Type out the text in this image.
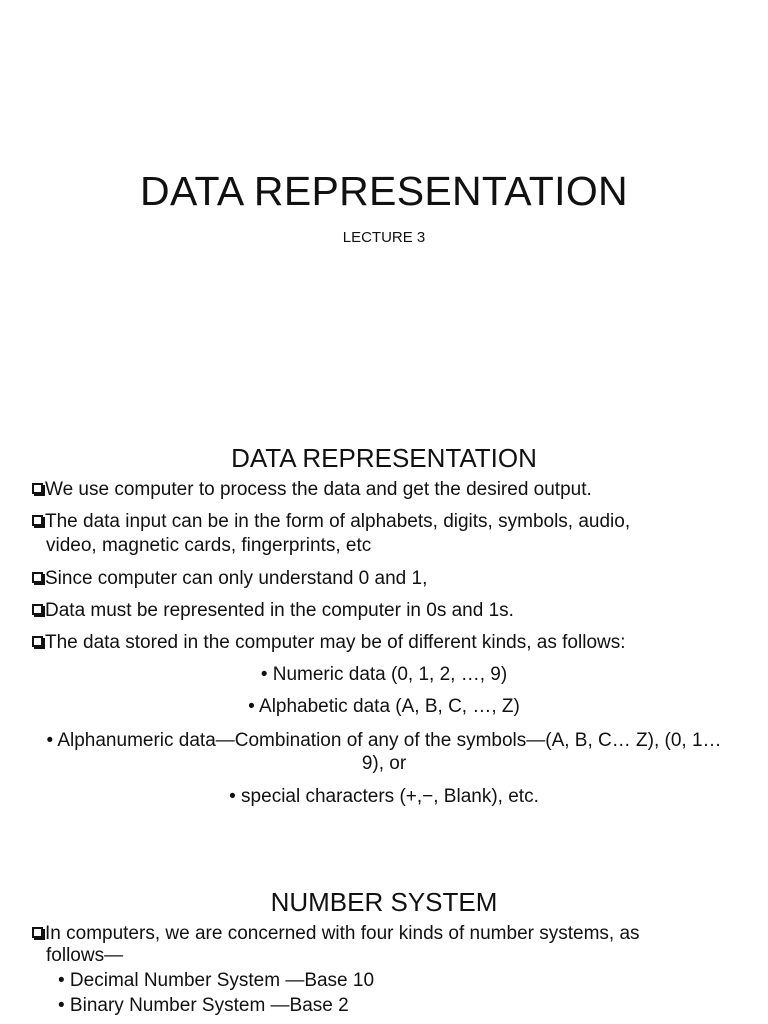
DATA REPRESENTATION
LECTURE 3
DATA REPRESENTATION
We use computer to process the data and get the desired output.
The data input can be in the form of alphabets, digits, symbols, audio,
video, magnetic cards, fingerprints, etc
Since computer can only understand 0 and 1,
Data must be represented in the computer in 0s and 1s.
The data stored in the computer may be of different kinds, as follows:
• Numeric data (0, 1, 2, …, 9)
• Alphabetic data (A, B, C, …, Z)
• Alphanumeric data—Combination of any of the symbols—(A, B, C… Z), (0, 1… 9), or
• special characters (+,−, Blank), etc.
NUMBER SYSTEM
In computers, we are concerned with four kinds of number systems, as
follows—
• Decimal Number System —Base 10
• Binary Number System —Base 2
